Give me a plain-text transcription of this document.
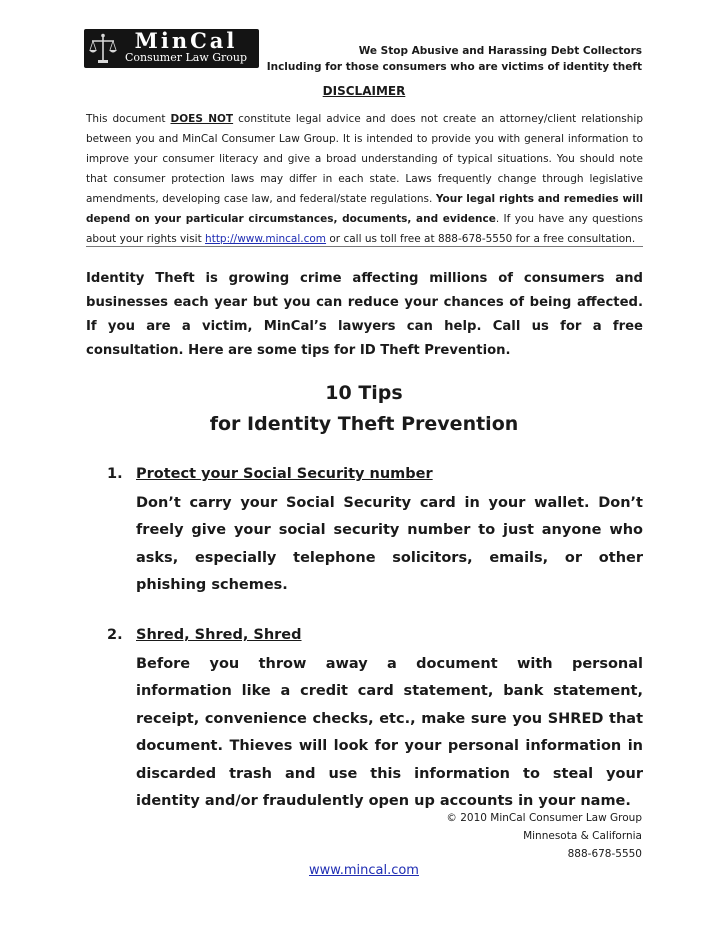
MinCal
Consumer Law Group	We Stop Abusive and Harassing Debt Collectors
Including for those consumers who are victims of identity theft
DISCLAIMER
This document DOES NOT constitute legal advice and does not create an attorney/client relationship between you and MinCal Consumer Law Group. It is intended to provide you with general information to improve your consumer literacy and give a broad understanding of typical situations. You should note that consumer protection laws may differ in each state. Laws frequently change through legislative amendments, developing case law, and federal/state regulations. Your legal rights and remedies will depend on your particular circumstances, documents, and evidence. If you have any questions about your rights visit http://www.mincal.com or call us toll free at 888-678-5550 for a free consultation.
Identity Theft is growing crime affecting millions of consumers and businesses each year but you can reduce your chances of being affected. If you are a victim, MinCal’s lawyers can help. Call us for a free consultation. Here are some tips for ID Theft Prevention.
10 Tips
for Identity Theft Prevention
1. Protect your Social Security number
Don’t carry your Social Security card in your wallet. Don’t freely give your social security number to just anyone who asks, especially telephone solicitors, emails, or other phishing schemes.
2. Shred, Shred, Shred
Before you throw away a document with personal information like a credit card statement, bank statement, receipt, convenience checks, etc., make sure you SHRED that document. Thieves will look for your personal information in discarded trash and use this information to steal your identity and/or fraudulently open up accounts in your name.
© 2010 MinCal Consumer Law Group
Minnesota & California
888-678-5550
www.mincal.com
